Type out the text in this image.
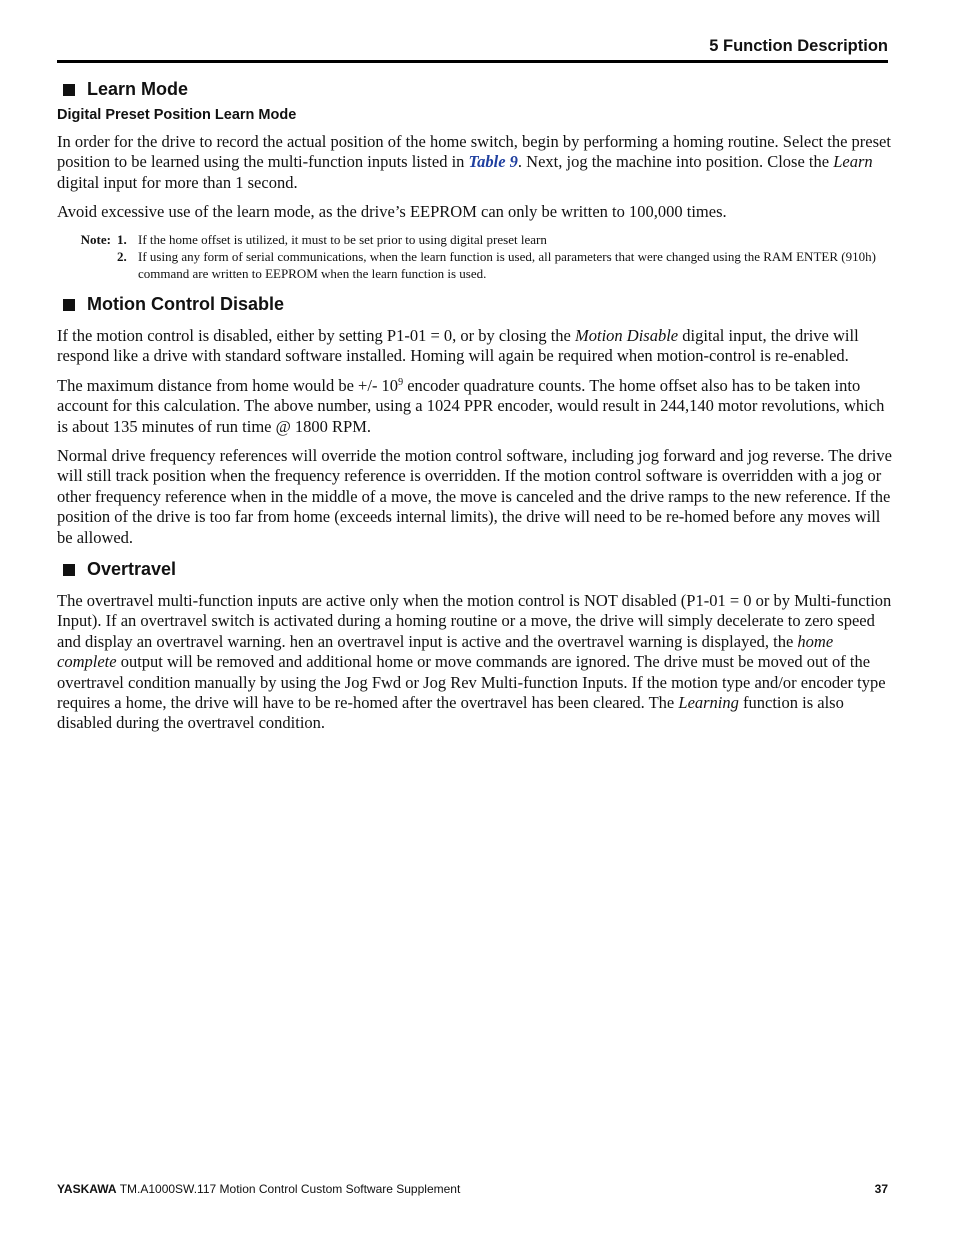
5 Function Description
Learn Mode
Digital Preset Position Learn Mode
In order for the drive to record the actual position of the home switch, begin by performing a homing routine. Select the preset position to be learned using the multi-function inputs listed in Table 9. Next, jog the machine into position. Close the Learn digital input for more than 1 second.
Avoid excessive use of the learn mode, as the drive’s EEPROM can only be written to 100,000 times.
Note: 1. If the home offset is utilized, it must to be set prior to using digital preset learn
2. If using any form of serial communications, when the learn function is used, all parameters that were changed using the RAM ENTER (910h) command are written to EEPROM when the learn function is used.
Motion Control Disable
If the motion control is disabled, either by setting P1-01 = 0, or by closing the Motion Disable digital input, the drive will respond like a drive with standard software installed. Homing will again be required when motion-control is re-enabled.
The maximum distance from home would be +/- $10^9$ encoder quadrature counts. The home offset also has to be taken into account for this calculation. The above number, using a 1024 PPR encoder, would result in 244,140 motor revolutions, which is about 135 minutes of run time @ 1800 RPM.
Normal drive frequency references will override the motion control software, including jog forward and jog reverse. The drive will still track position when the frequency reference is overridden. If the motion control software is overridden with a jog or other frequency reference when in the middle of a move, the move is canceled and the drive ramps to the new reference. If the position of the drive is too far from home (exceeds internal limits), the drive will need to be re-homed before any moves will be allowed.
Overtravel
The overtravel multi-function inputs are active only when the motion control is NOT disabled (P1-01 = 0 or by Multi-function Input). If an overtravel switch is activated during a homing routine or a move, the drive will simply decelerate to zero speed and display an overtravel warning. hen an overtravel input is active and the overtravel warning is displayed, the home complete output will be removed and additional home or move commands are ignored. The drive must be moved out of the overtravel condition manually by using the Jog Fwd or Jog Rev Multi-function Inputs. If the motion type and/or encoder type requires a home, the drive will have to be re-homed after the overtravel has been cleared. The Learning function is also disabled during the overtravel condition.
YASKAWA TM.A1000SW.117 Motion Control Custom Software Supplement	37
